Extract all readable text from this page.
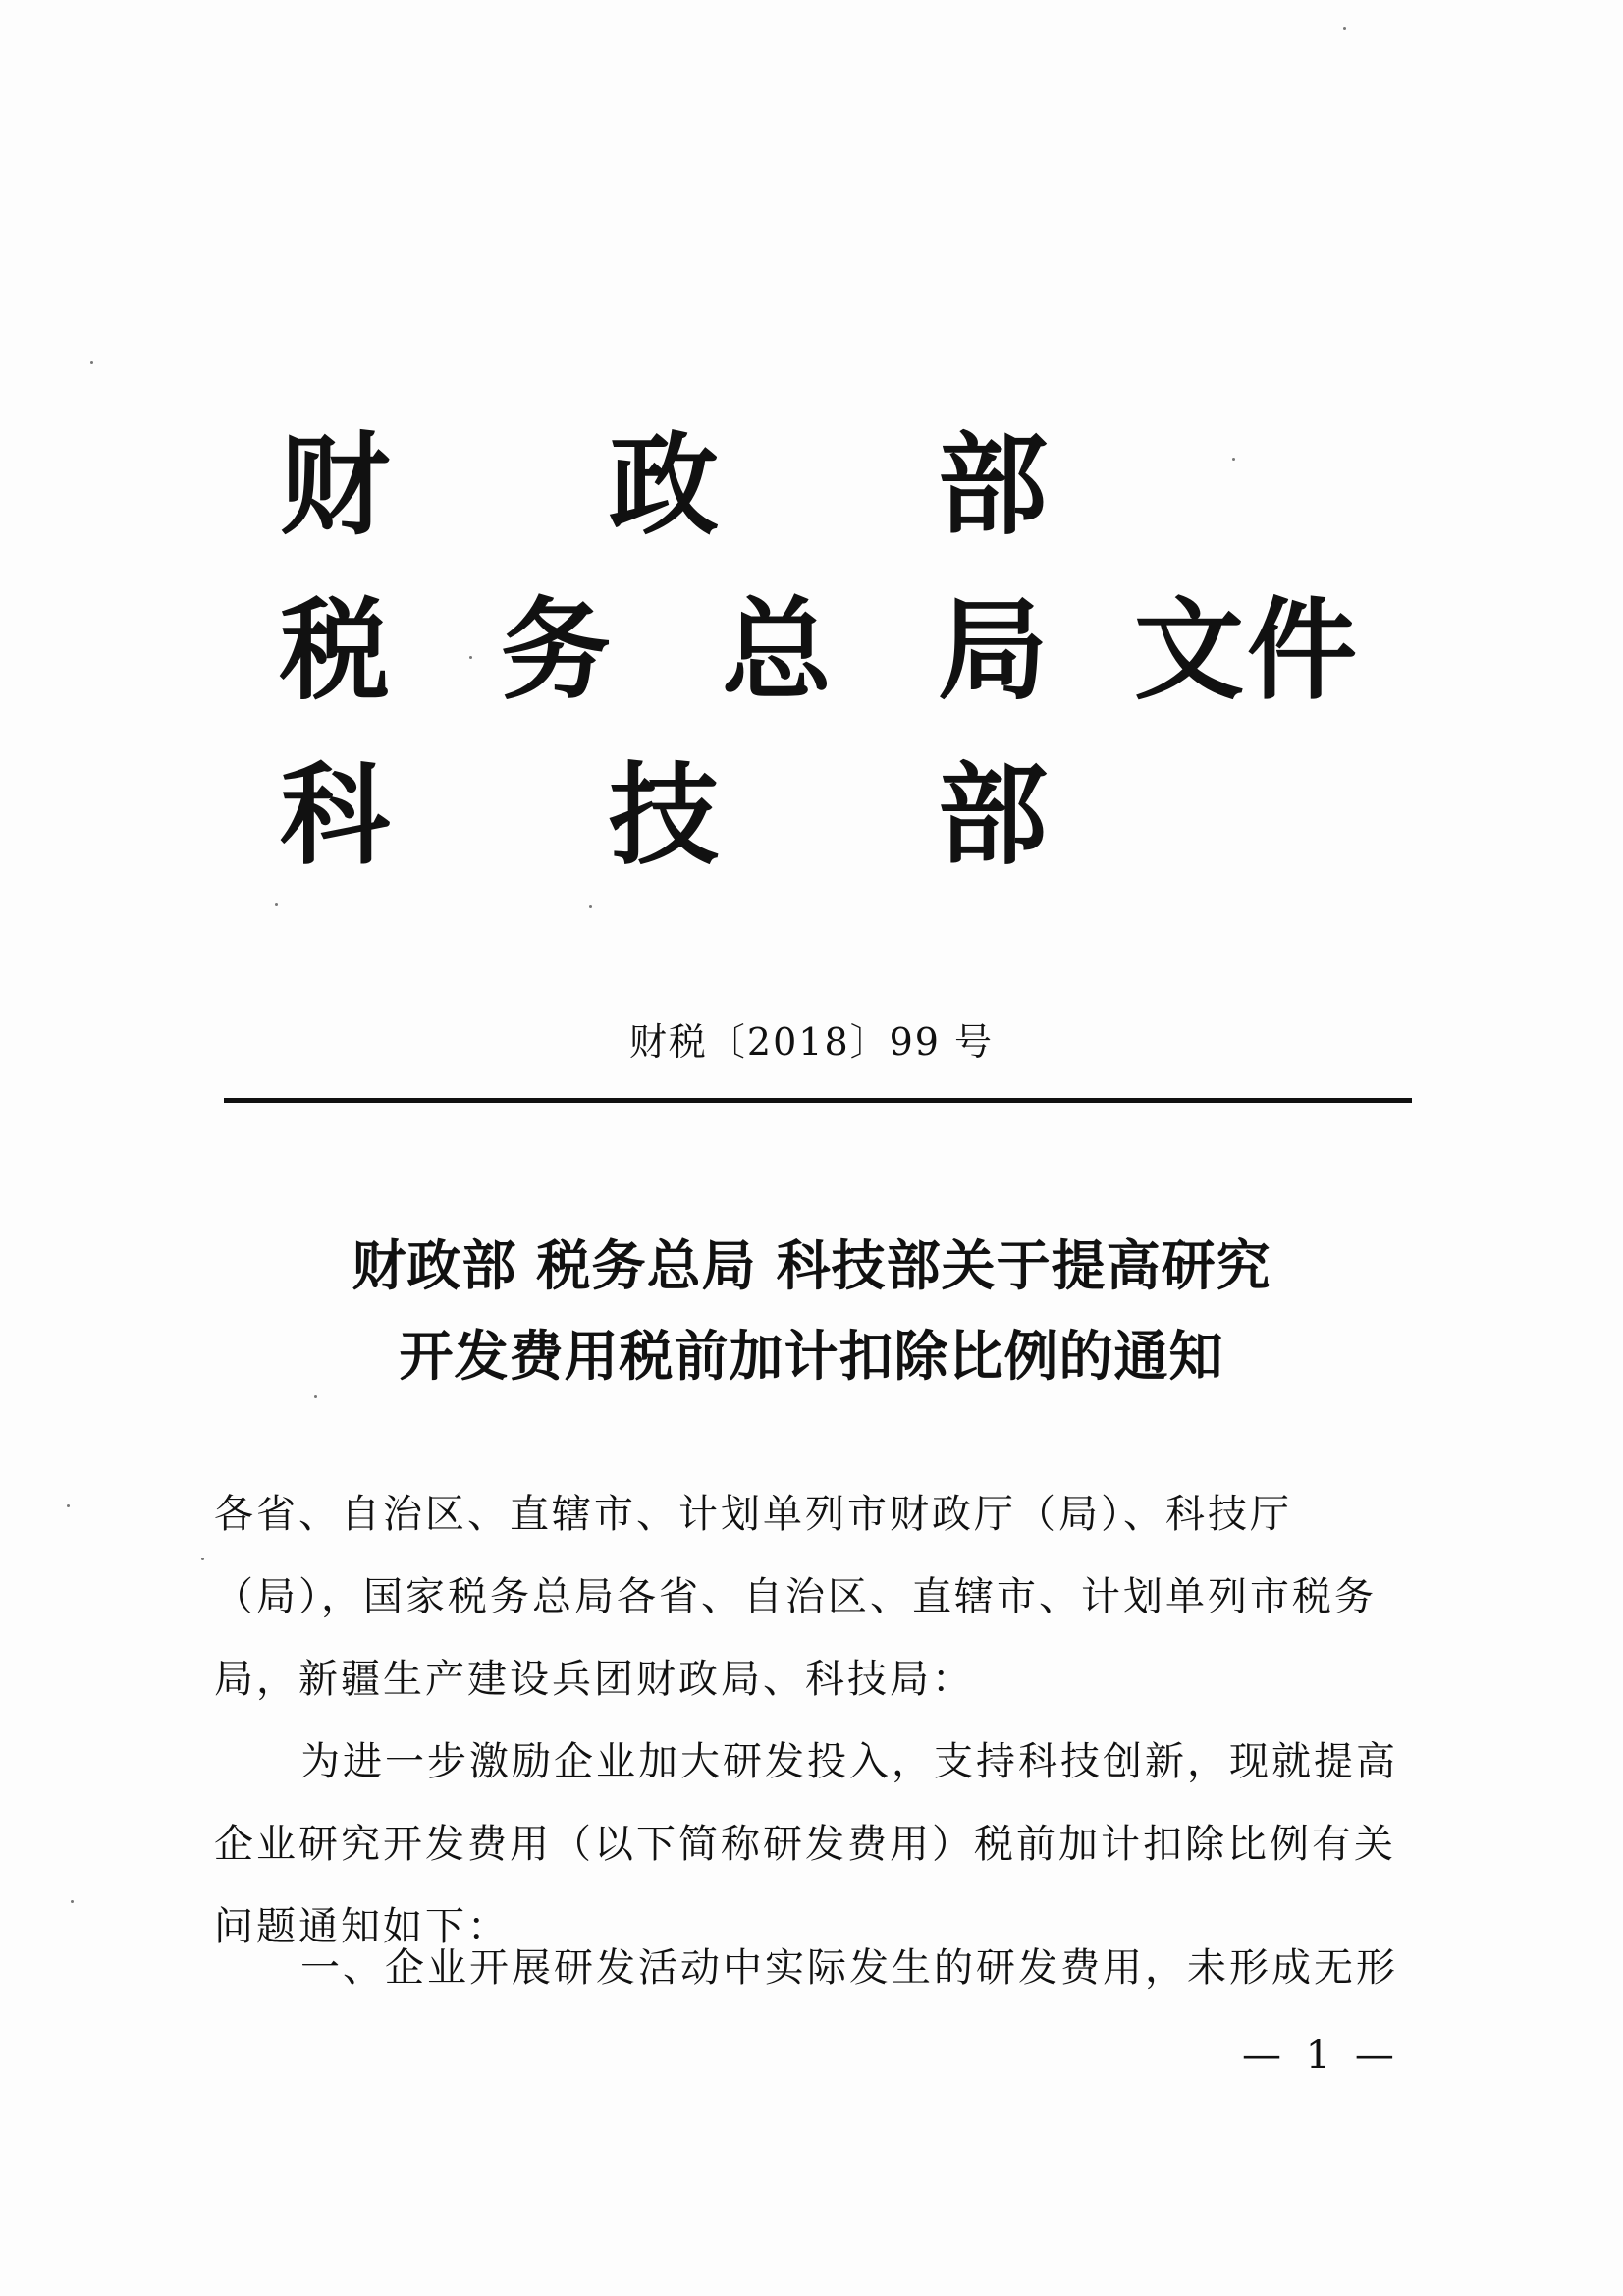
财 政 部
税 务 总 局 文 件
科 技 部
财税〔2018〕99 号
财政部 税务总局 科技部关于提高研究
开发费用税前加计扣除比例的通知
各省、自治区、直辖市、计划单列市财政厅（局）、科技厅（局），国家税务总局各省、自治区、直辖市、计划单列市税务局，新疆生产建设兵团财政局、科技局：
为进一步激励企业加大研发投入，支持科技创新，现就提高企业研究开发费用（以下简称研发费用）税前加计扣除比例有关问题通知如下：
一、企业开展研发活动中实际发生的研发费用，未形成无形
— 1 —
